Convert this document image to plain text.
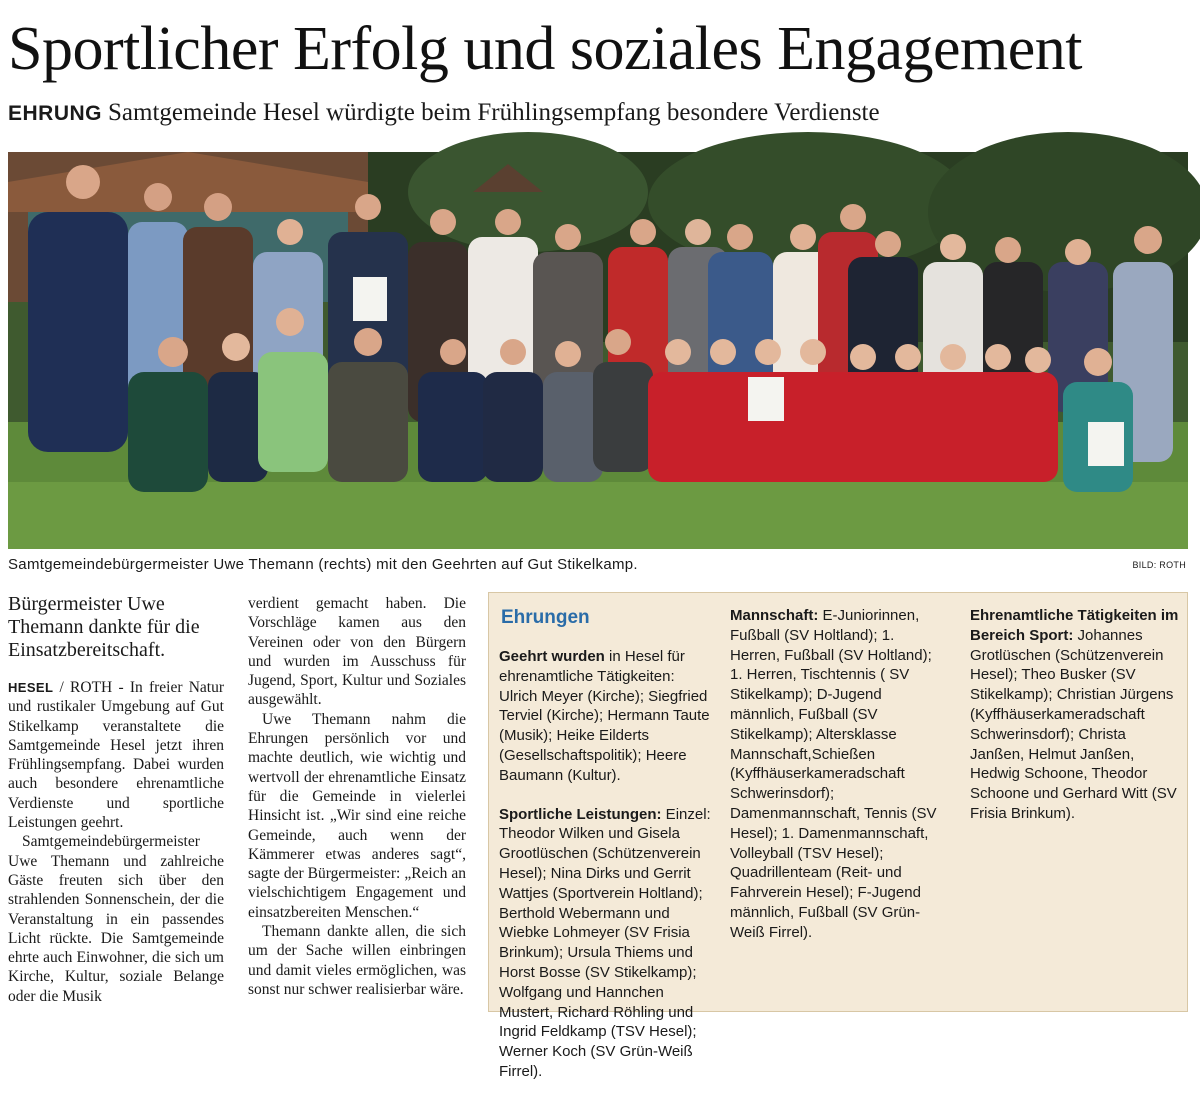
Sportlicher Erfolg und soziales Engagement
EHRUNG Samtgemeinde Hesel würdigte beim Frühlingsempfang besondere Verdienste
Samtgemeindebürgermeister Uwe Themann (rechts) mit den Geehrten auf Gut Stikelkamp.	BILD: ROTH
Bürgermeister Uwe Themann dankte für die Einsatzbereitschaft.

HESEL / ROTH - In freier Natur und rustikaler Umgebung auf Gut Stikelkamp veranstaltete die Samtgemeinde Hesel jetzt ihren Frühlingsempfang. Dabei wurden auch besondere ehrenamtliche Verdienste und sportliche Leistungen geehrt.

Samtgemeindebürgermeister Uwe Themann und zahlreiche Gäste freuten sich über den strahlenden Sonnenschein, der die Veranstaltung in ein passendes Licht rückte. Die Samtgemeinde ehrte auch Einwohner, die sich um Kirche, Kultur, soziale Belange oder die Musik

verdient gemacht haben. Die Vorschläge kamen aus den Vereinen oder von den Bürgern und wurden im Ausschuss für Jugend, Sport, Kultur und Soziales ausgewählt.

Uwe Themann nahm die Ehrungen persönlich vor und machte deutlich, wie wichtig und wertvoll der ehrenamtliche Einsatz für die Gemeinde in vielerlei Hinsicht ist. „Wir sind eine reiche Gemeinde, auch wenn der Kämmerer etwas anderes sagt“, sagte der Bürgermeister: „Reich an vielschichtigem Engagement und einsatzbereiten Menschen.“

Themann dankte allen, die sich um der Sache willen einbringen und damit vieles ermöglichen, was sonst nur schwer realisierbar wäre.

Ehrungen
Geehrt wurden in Hesel für ehrenamtliche Tätigkeiten: Ulrich Meyer (Kirche); Siegfried Terviel (Kirche); Hermann Taute (Musik); Heike Eilderts (Gesellschaftspolitik); Heere Baumann (Kultur).
Sportliche Leistungen: Einzel: Theodor Wilken und Gisela Grootlüschen (Schützenverein Hesel); Nina Dirks und Gerrit Wattjes (Sportverein Holtland); Berthold Webermann und Wiebke Lohmeyer (SV Frisia Brinkum); Ursula Thiems und Horst Bosse (SV Stikelkamp); Wolfgang und Hannchen Mustert, Richard Röhling und Ingrid Feldkamp (TSV Hesel); Werner Koch (SV Grün-Weiß Firrel).
Mannschaft: E-Juniorinnen, Fußball (SV Holtland); 1. Herren, Fußball (SV Holtland); 1. Herren, Tischtennis ( SV Stikelkamp); D-Jugend männlich, Fußball (SV Stikelkamp); Altersklasse Mannschaft,Schießen (Kyffhäuserkameradschaft Schwerinsdorf); Damenmannschaft, Tennis (SV Hesel); 1. Damenmannschaft, Volleyball (TSV Hesel); Quadrillenteam (Reit- und Fahrverein Hesel); F-Jugend männlich, Fußball (SV Grün-Weiß Firrel).
Ehrenamtliche Tätigkeiten im Bereich Sport: Johannes Grotlüschen (Schützenverein Hesel); Theo Busker (SV Stikelkamp); Christian Jürgens (Kyffhäuserkameradschaft Schwerinsdorf); Christa Janßen, Helmut Janßen, Hedwig Schoone, Theodor Schoone und Gerhard Witt (SV Frisia Brinkum).
